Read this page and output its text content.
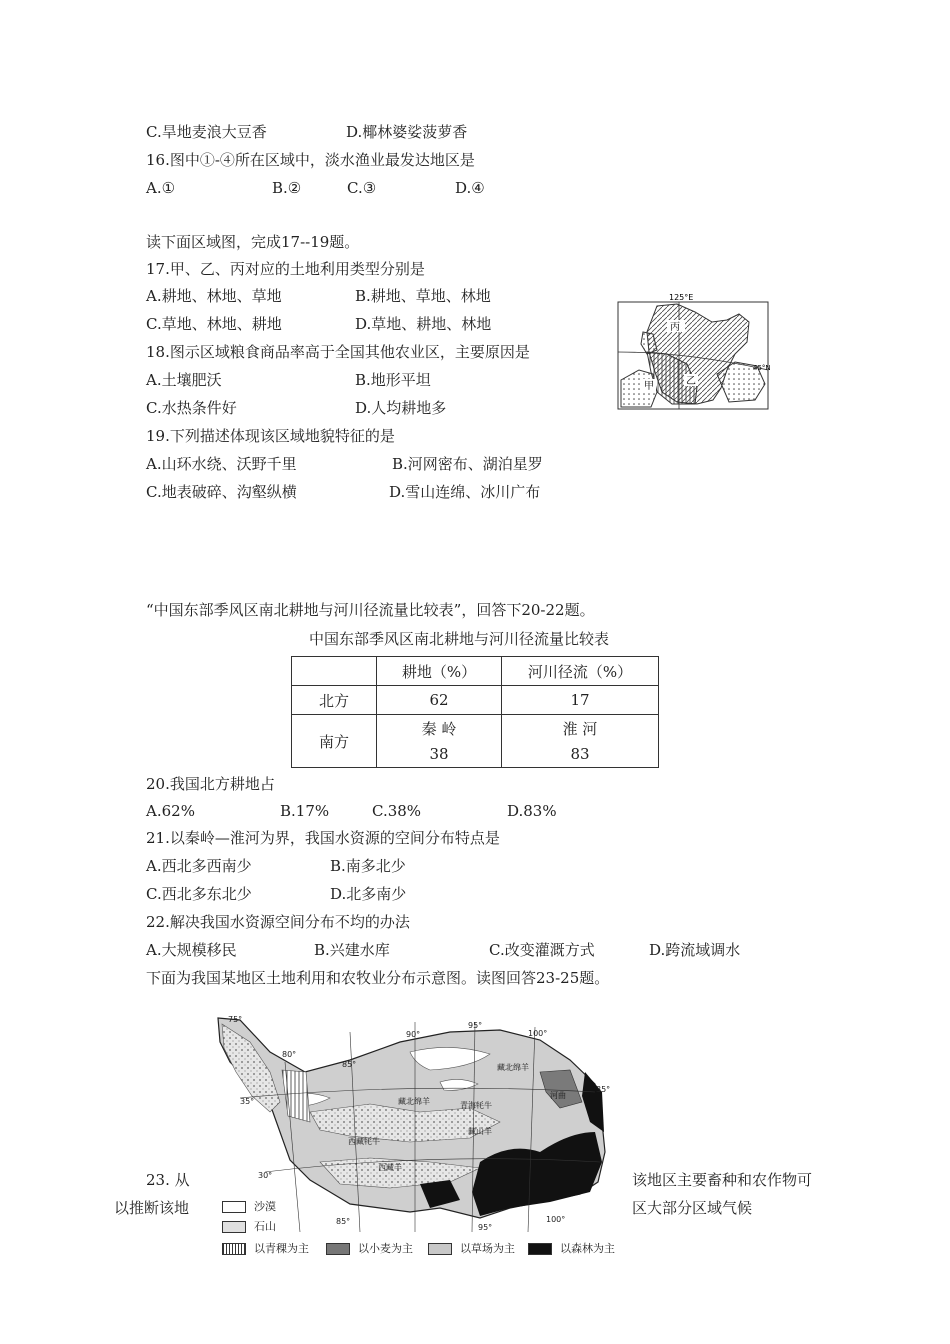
C.旱地麦浪大豆香	D.椰林婆娑菠萝香
16.图中①-④所在区域中，淡水渔业最发达地区是
A.①	B.②	C.③	D.④
读下面区域图，完成17--19题。
17.甲、乙、丙对应的土地利用类型分别是
A.耕地、林地、草地	B.耕地、草地、林地
C.草地、林地、耕地	D.草地、耕地、林地
18.图示区域粮食商品率高于全国其他农业区，主要原因是
A.土壤肥沃	B.地形平坦
C.水热条件好	D.人均耕地多
19.下列描述体现该区域地貌特征的是
A.山环水绕、沃野千里	B.河网密布、湖泊星罗
C.地表破碎、沟壑纵横	D.雪山连绵、冰川广布
丙
甲	乙
125°E
45°N
“中国东部季风区南北耕地与河川径流量比较表”，回答下20-22题。
中国东部季风区南北耕地与河川径流量比较表
	耕地（%）	河川径流（%）
北方	62	17
南方	秦 岭	淮 河
	38	83
20.我国北方耕地占
A.62%	B.17%	C.38%	D.83%
21.以秦岭—淮河为界，我国水资源的空间分布特点是
A.西北多西南少	B.南多北少
C.西北多东北少	D.北多南少
22.解决我国水资源空间分布不均的办法
A.大规模移民	B.兴建水库	C.改变灌溉方式	D.跨流域调水
下面为我国某地区土地利用和农牧业分布示意图。读图回答23-25题。
75°
80°
85°
90°
95°
100°
35°
30°
85°
95°
100°
35°
藏北绵羊
藏北绵羊	青海牦牛
藏山羊
西藏牦牛
西藏羊
河曲
23. 从	该地区主要畜种和农作物可
以推断该地	区大部分区域气候
沙漠
石山
以青稞为主	以小麦为主	以草场为主	以森林为主
